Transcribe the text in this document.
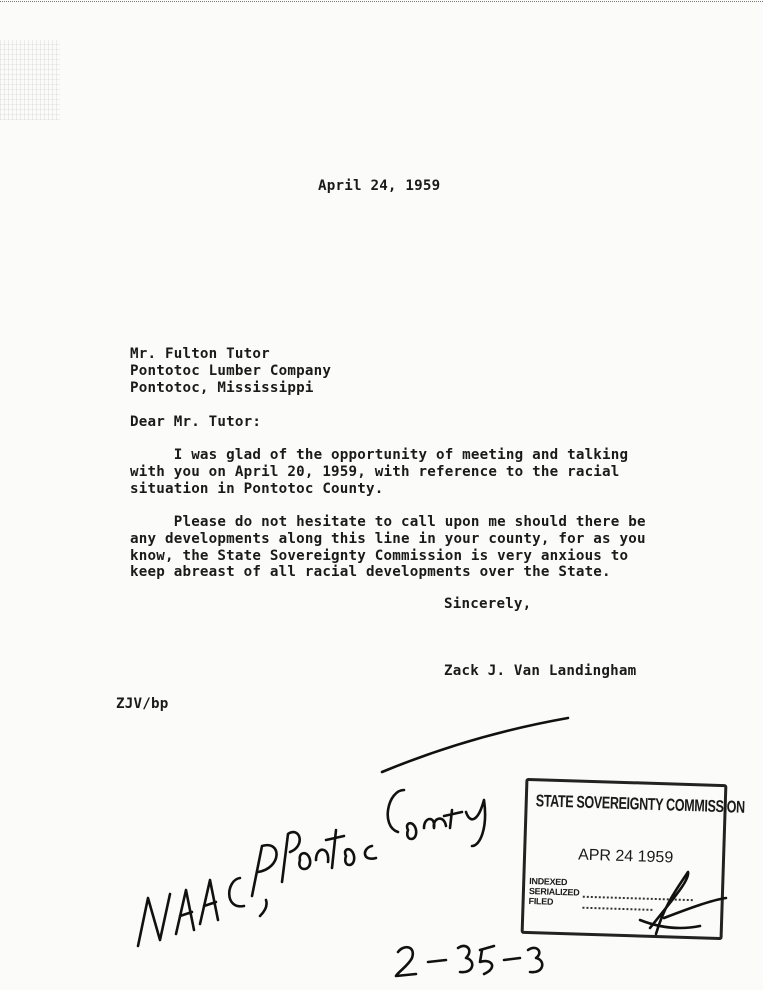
April 24, 1959
Mr. Fulton Tutor
Pontotoc Lumber Company
Pontotoc, Mississippi
Dear Mr. Tutor:
I was glad of the opportunity of meeting and talking
with you on April 20, 1959, with reference to the racial
situation in Pontotoc County.
Please do not hesitate to call upon me should there be
any developments along this line in your county, for as you
know, the State Sovereignty Commission is very anxious to
keep abreast of all racial developments over the State.
Sincerely,
Zack J. Van Landingham
ZJV/bp
STATE SOVEREIGNTY COMMISSION
APR 24 1959
INDEXED
SERIALIZED
FILED
